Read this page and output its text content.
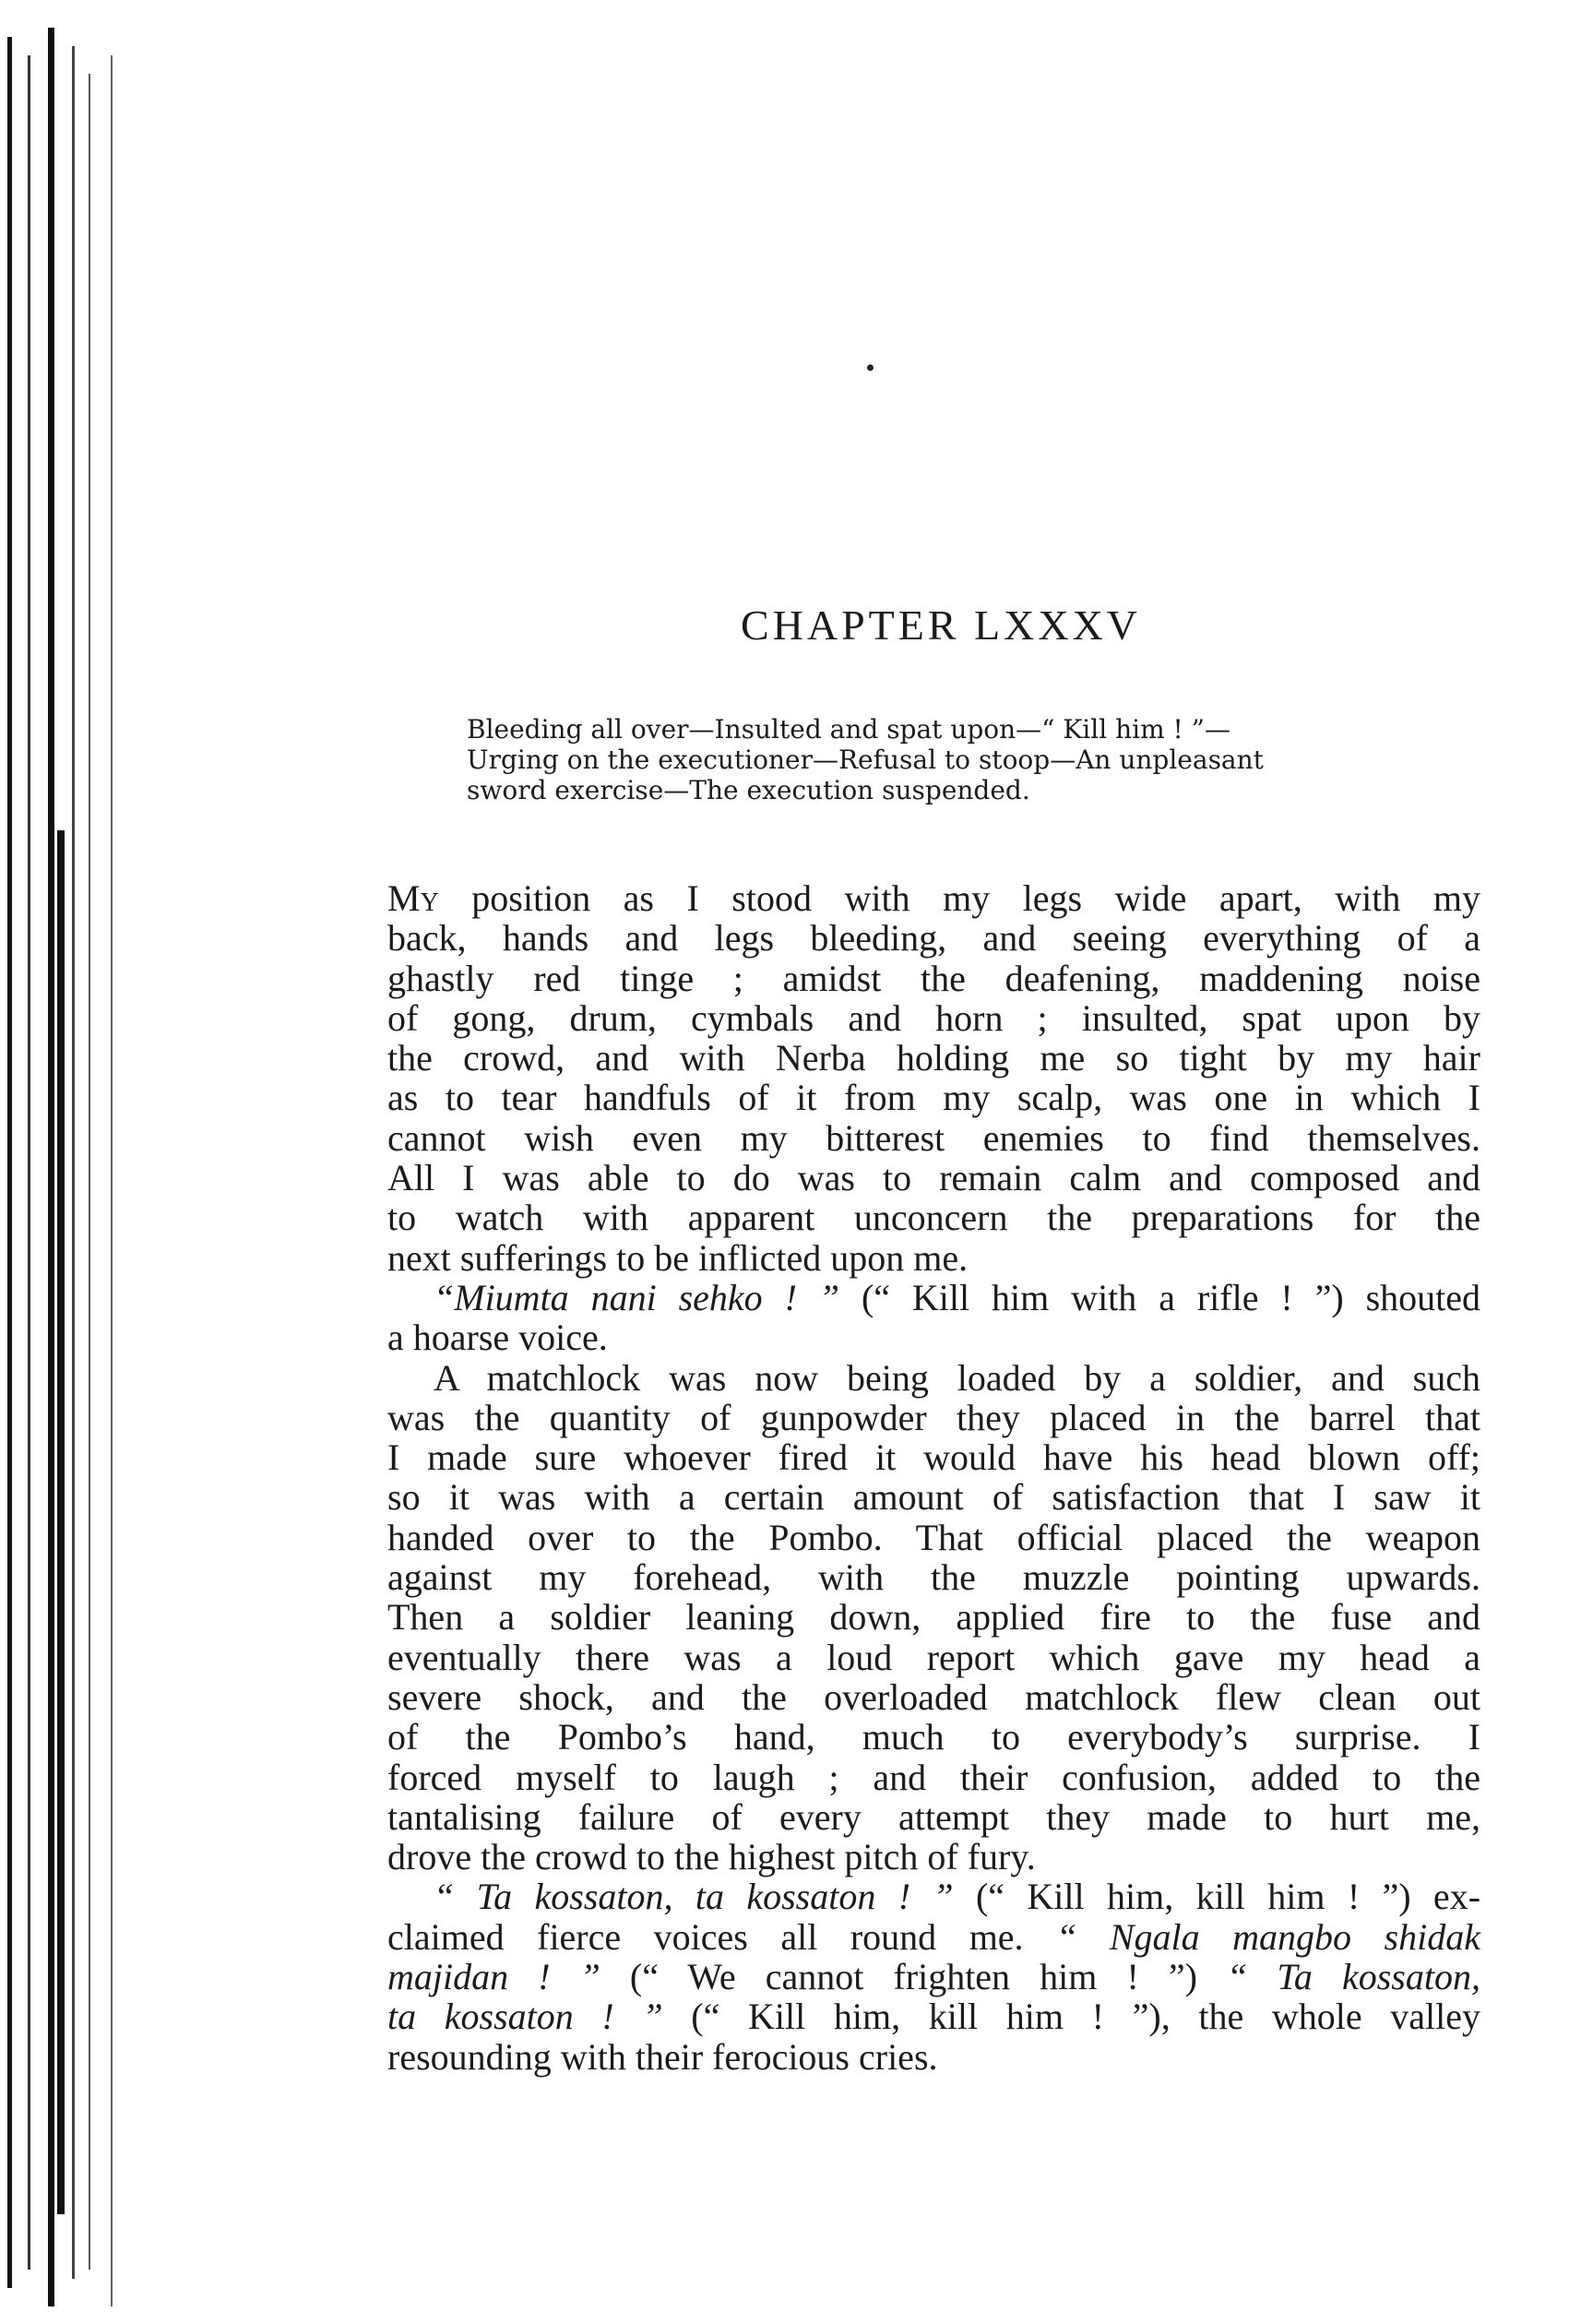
CHAPTER LXXXV
Bleeding all over—Insulted and spat upon—“ Kill him ! ”—
Urging on the executioner—Refusal to stoop—An unpleasant
sword exercise—The execution suspended.
My position as I stood with my legs wide apart, with my
back, hands and legs bleeding, and seeing everything of a
ghastly red tinge ; amidst the deafening, maddening noise
of gong, drum, cymbals and horn ; insulted, spat upon by
the crowd, and with Nerba holding me so tight by my hair
as to tear handfuls of it from my scalp, was one in which I
cannot wish even my bitterest enemies to find themselves.
All I was able to do was to remain calm and composed and
to watch with apparent unconcern the preparations for the
next sufferings to be inflicted upon me.
“Miumta nani sehko ! ” (“ Kill him with a rifle ! ”) shouted
a hoarse voice.
A matchlock was now being loaded by a soldier, and such
was the quantity of gunpowder they placed in the barrel that
I made sure whoever fired it would have his head blown off;
so it was with a certain amount of satisfaction that I saw it
handed over to the Pombo. That official placed the weapon
against my forehead, with the muzzle pointing upwards.
Then a soldier leaning down, applied fire to the fuse and
eventually there was a loud report which gave my head a
severe shock, and the overloaded matchlock flew clean out
of the Pombo’s hand, much to everybody’s surprise. I
forced myself to laugh ; and their confusion, added to the
tantalising failure of every attempt they made to hurt me,
drove the crowd to the highest pitch of fury.
“ Ta kossaton, ta kossaton ! ” (“ Kill him, kill him ! ”) ex-
claimed fierce voices all round me. “ Ngala mangbo shidak
majidan ! ” (“ We cannot frighten him ! ”) “ Ta kossaton,
ta kossaton ! ” (“ Kill him, kill him ! ”), the whole valley
resounding with their ferocious cries.
